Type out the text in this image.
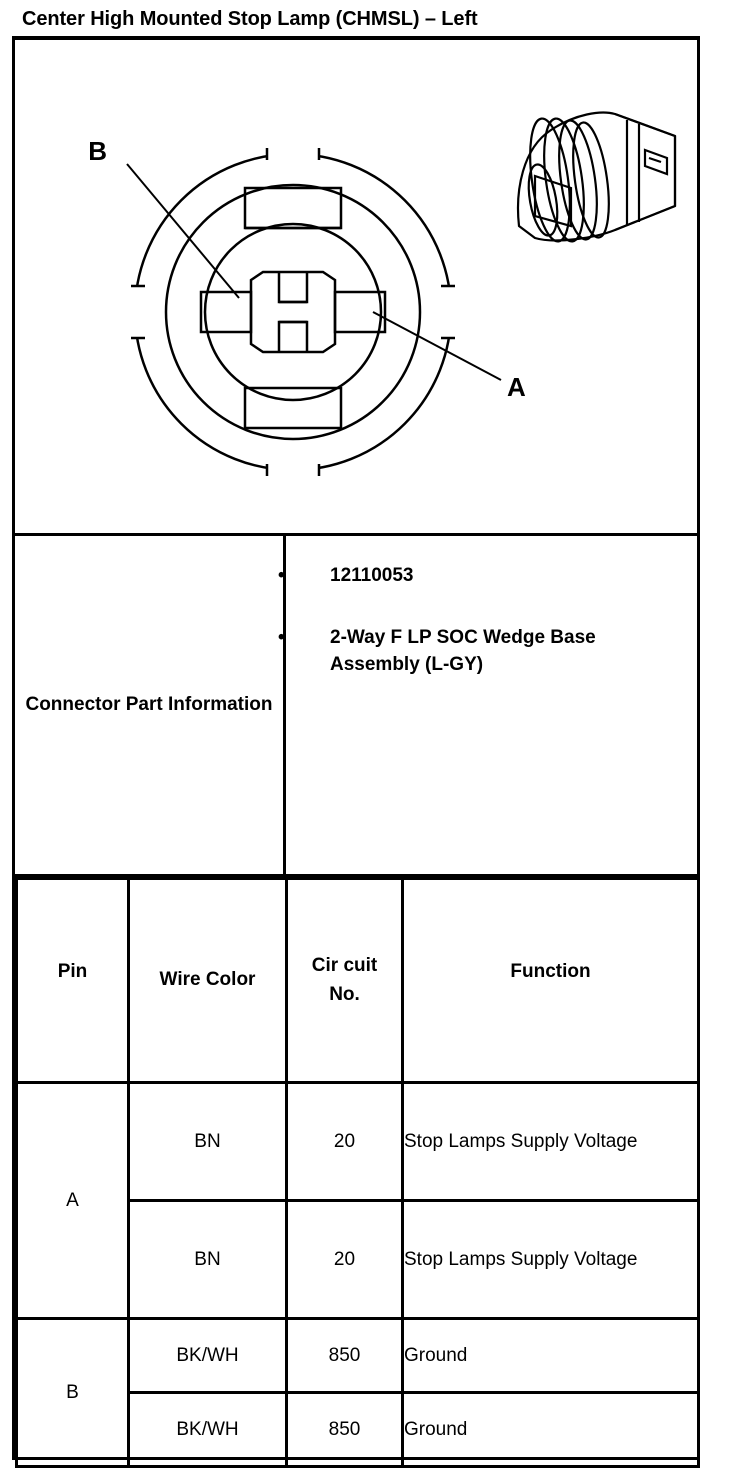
Center High Mounted Stop Lamp (CHMSL) – Left
B
A
Connector Part Information
• 12110053
• 2-Way F LP SOC Wedge Base Assembly (L-GY)
Pin	Wire Color	Cir cuit No.	Function
A	BN	20	Stop Lamps Supply Voltage
	BN	20	Stop Lamps Supply Voltage
B	BK/WH	850	Ground
	BK/WH	850	Ground
